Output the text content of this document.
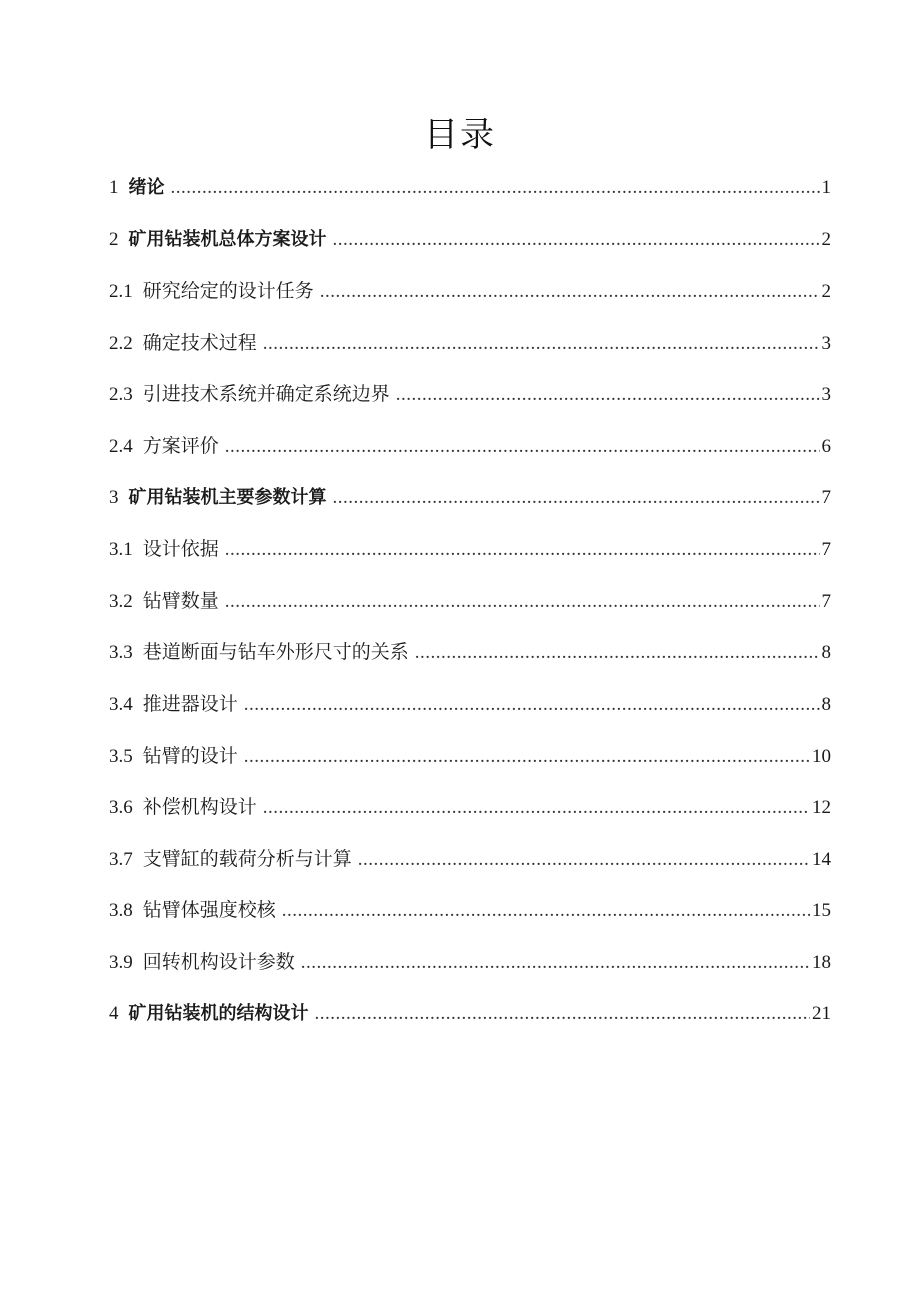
目录
1 绪论 .....	1
2 矿用钻装机总体方案设计 .....	2
2.1 研究给定的设计任务 .....	2
2.2 确定技术过程 .....	3
2.3 引进技术系统并确定系统边界 .....	3
2.4 方案评价 .....	6
3 矿用钻装机主要参数计算 .....	7
3.1 设计依据 .....	7
3.2 钻臂数量 .....	7
3.3 巷道断面与钻车外形尺寸的关系 .....	8
3.4 推进器设计 .....	8
3.5 钻臂的设计 .....	10
3.6 补偿机构设计 .....	12
3.7 支臂缸的载荷分析与计算 .....	14
3.8 钻臂体强度校核 .....	15
3.9 回转机构设计参数 .....	18
4 矿用钻装机的结构设计 .....	21
